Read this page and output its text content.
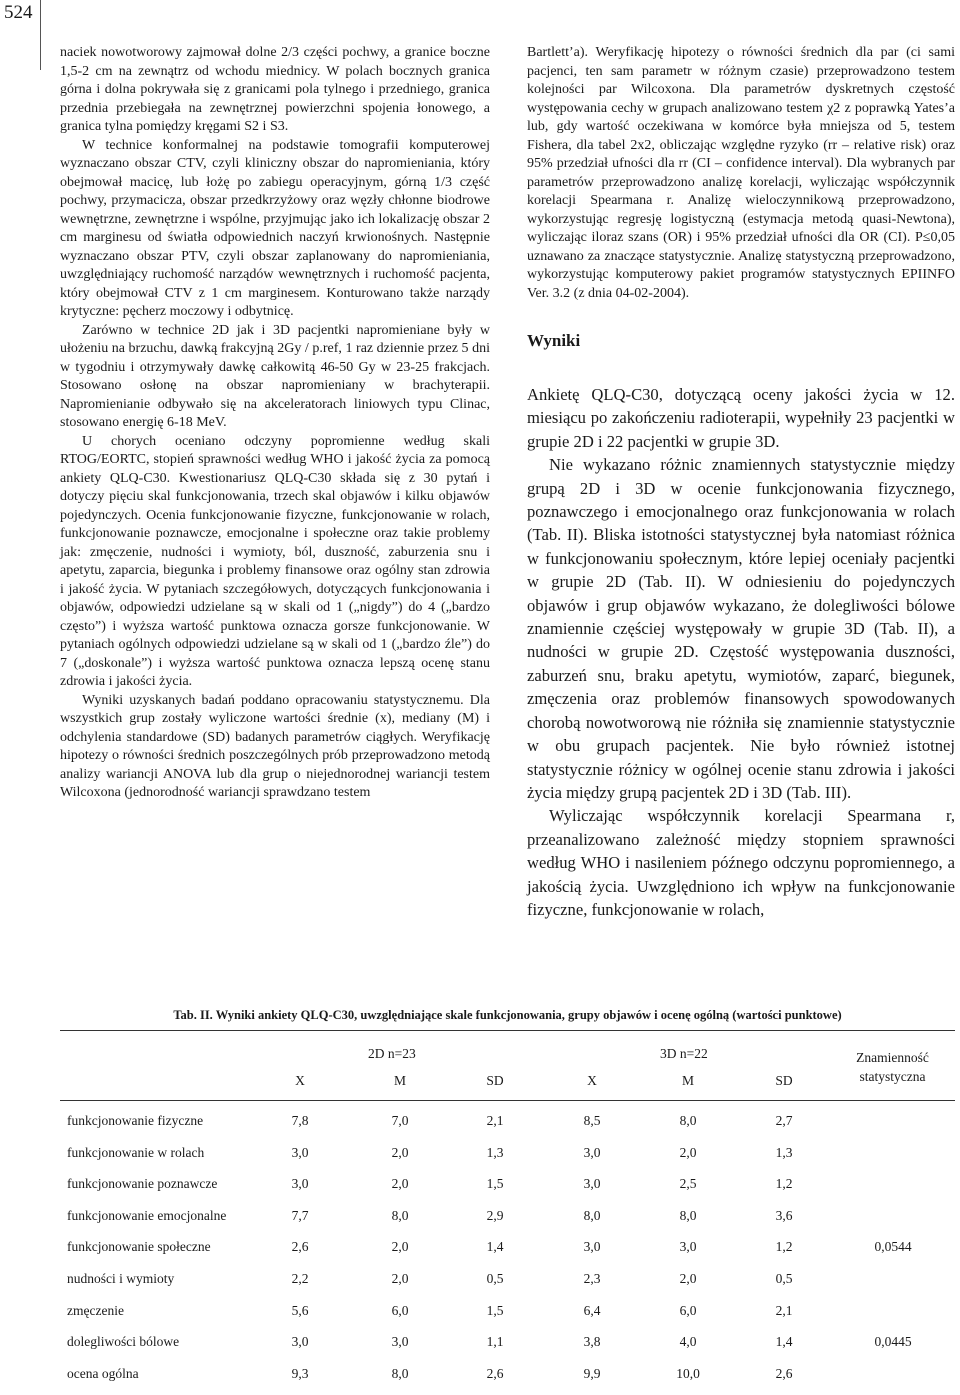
524

naciek nowotworowy zajmował dolne 2/3 części pochwy, a granice boczne 1,5-2 cm na zewnątrz od wchodu miednicy. W polach bocznych granica górna i dolna pokrywała się z granicami pola tylnego i przedniego, granica przednia przebiegała na zewnętrznej powierzchni spojenia łonowego, a granica tylna pomiędzy kręgami S2 i S3.

W technice konformalnej na podstawie tomografii komputerowej wyznaczano obszar CTV, czyli kliniczny obszar do napromieniania, który obejmował macicę, lub łożę po zabiegu operacyjnym, górną 1/3 część pochwy, przymacicza, obszar przedkrzyżowy oraz węzły chłonne biodrowe wewnętrzne, zewnętrzne i wspólne, przyjmując jako ich lokalizację obszar 2 cm marginesu od światła odpowiednich naczyń krwionośnych. Następnie wyznaczano obszar PTV, czyli obszar zaplanowany do napromieniania, uwzględniający ruchomość narządów wewnętrznych i ruchomość pacjenta, który obejmował CTV z 1 cm marginesem. Konturowano także narządy krytyczne: pęcherz moczowy i odbytnicę.

Zarówno w technice 2D jak i 3D pacjentki napromieniane były w ułożeniu na brzuchu, dawką frakcyjną 2Gy / p.ref, 1 raz dziennie przez 5 dni w tygodniu i otrzymywały dawkę całkowitą 46-50 Gy w 23-25 frakcjach. Stosowano osłonę na obszar napromieniany w brachyterapii. Napromienianie odbywało się na akceleratorach liniowych typu Clinac, stosowano energię 6-18 MeV.

U chorych oceniano odczyny popromienne według skali RTOG/EORTC, stopień sprawności według WHO i jakość życia za pomocą ankiety QLQ-C30. Kwestionariusz QLQ-C30 składa się z 30 pytań i dotyczy pięciu skal funkcjonowania, trzech skal objawów i kilku objawów pojedynczych. Ocenia funkcjonowanie fizyczne, funkcjonowanie w rolach, funkcjonowanie poznawcze, emocjonalne i społeczne oraz takie problemy jak: zmęczenie, nudności i wymioty, ból, duszność, zaburzenia snu i apetytu, zaparcia, biegunka i problemy finansowe oraz ogólny stan zdrowia i jakość życia. W pytaniach szczegółowych, dotyczących funkcjonowania i objawów, odpowiedzi udzielane są w skali od 1 („nigdy”) do 4 („bardzo często”) i wyższa wartość punktowa oznacza gorsze funkcjonowanie. W pytaniach ogólnych odpowiedzi udzielane są w skali od 1 („bardzo źle”) do 7 („doskonale”) i wyższa wartość punktowa oznacza lepszą ocenę stanu zdrowia i jakości życia.

Wyniki uzyskanych badań poddano opracowaniu statystycznemu. Dla wszystkich grup zostały wyliczone wartości średnie (x), mediany (M) i odchylenia standardowe (SD) badanych parametrów ciągłych. Weryfikację hipotezy o równości średnich poszczególnych prób przeprowadzono metodą analizy wariancji ANOVA lub dla grup o niejednorodnej wariancji testem Wilcoxona (jednorodność wariancji sprawdzano testem

Bartlett’a). Weryfikację hipotezy o równości średnich dla par (ci sami pacjenci, ten sam parametr w różnym czasie) przeprowadzono testem kolejności par Wilcoxona. Dla parametrów dyskretnych częstość występowania cechy w grupach analizowano testem χ2 z poprawką Yates’a lub, gdy wartość oczekiwana w komórce była mniejsza od 5, testem Fishera, dla tabel 2x2, obliczając względne ryzyko (rr – relative risk) oraz 95% przedział ufności dla rr (CI – confidence interval). Dla wybranych par parametrów przeprowadzono analizę korelacji, wyliczając współczynnik korelacji Spearmana r. Analizę wieloczynnikową przeprowadzono, wykorzystując regresję logistyczną (estymacja metodą quasi-Newtona), wyliczając iloraz szans (OR) i 95% przedział ufności dla OR (CI). P≤0,05 uznawano za znaczące statystycznie. Analizę statystyczną przeprowadzono, wykorzystując komputerowy pakiet programów statystycznych EPIINFO Ver. 3.2 (z dnia 04-02-2004).

Wyniki

Ankietę QLQ-C30, dotyczącą oceny jakości życia w 12. miesiącu po zakończeniu radioterapii, wypełniły 23 pacjentki w grupie 2D i 22 pacjentki w grupie 3D.

Nie wykazano różnic znamiennych statystycznie między grupą 2D i 3D w ocenie funkcjonowania fizycznego, poznawczego i emocjonalnego oraz funkcjonowania w rolach (Tab. II). Bliska istotności statystycznej była natomiast różnica w funkcjonowaniu społecznym, które lepiej oceniały pacjentki w grupie 2D (Tab. II). W odniesieniu do pojedynczych objawów i grup objawów wykazano, że dolegliwości bólowe znamiennie częściej występowały w grupie 3D (Tab. II), a nudności w grupie 2D. Częstość występowania duszności, zaburzeń snu, braku apetytu, wymiotów, zaparć, biegunek, zmęczenia oraz problemów finansowych spowodowanych chorobą nowotworową nie różniła się znamiennie statystycznie w obu grupach pacjentek. Nie było również istotnej statystycznie różnicy w ogólnej ocenie stanu zdrowia i jakości życia między grupą pacjentek 2D i 3D (Tab. III).

Wyliczając współczynnik korelacji Spearmana r, przeanalizowano zależność między stopniem sprawności według WHO i nasileniem późnego odczynu popromiennego, a jakością życia. Uwzględniono ich wpływ na funkcjonowanie fizyczne, funkcjonowanie w rolach,

Tab. II. Wyniki ankiety QLQ-C30, uwzględniające skale funkcjonowania, grupy objawów i ocenę ogólną (wartości punktowe)
2D n=23	3D n=22	Znamienność statystyczna
X	M	SD	X	M	SD
funkcjonowanie fizyczne	7,8	7,0	2,1	8,5	8,0	2,7
funkcjonowanie w rolach	3,0	2,0	1,3	3,0	2,0	1,3
funkcjonowanie poznawcze	3,0	2,0	1,5	3,0	2,5	1,2
funkcjonowanie emocjonalne	7,7	8,0	2,9	8,0	8,0	3,6
funkcjonowanie społeczne	2,6	2,0	1,4	3,0	3,0	1,2	0,0544
nudności i wymioty	2,2	2,0	0,5	2,3	2,0	0,5
zmęczenie	5,6	6,0	1,5	6,4	6,0	2,1
dolegliwości bólowe	3,0	3,0	1,1	3,8	4,0	1,4	0,0445
ocena ogólna	9,3	8,0	2,6	9,9	10,0	2,6
